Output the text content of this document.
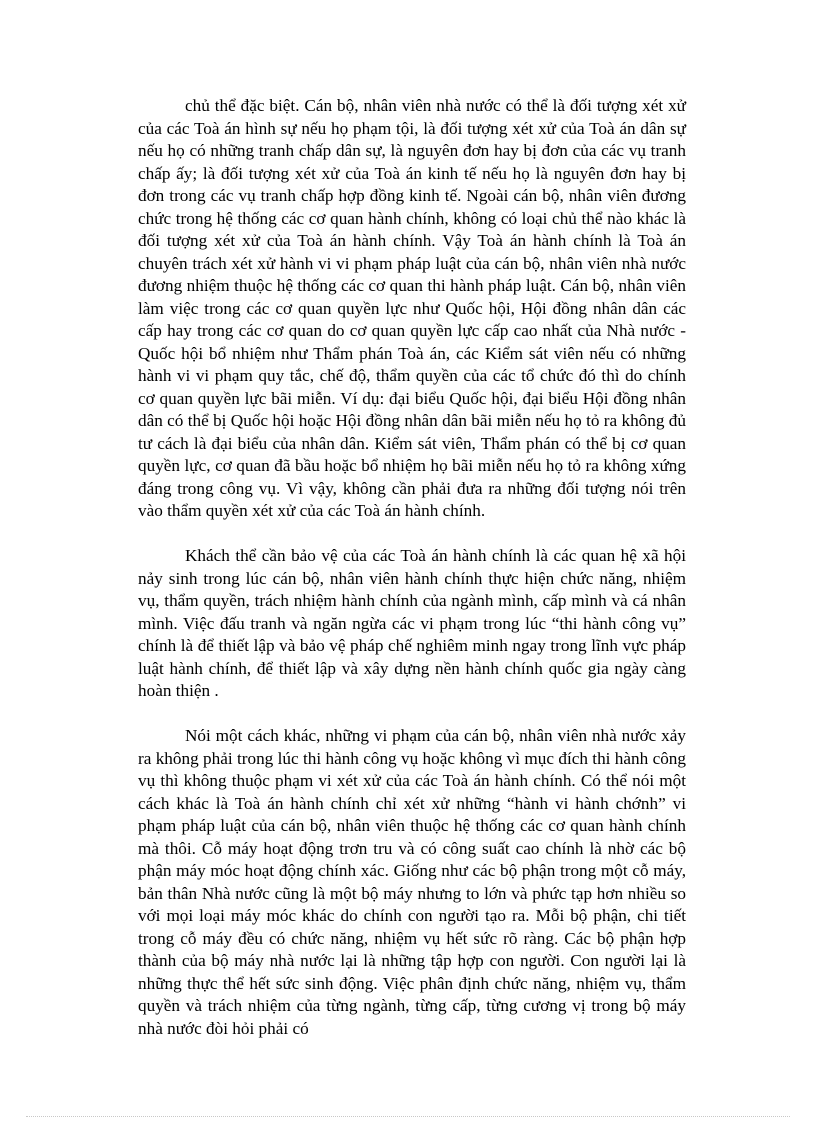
chủ thể đặc biệt. Cán bộ, nhân viên nhà nước có thể là đối tượng xét xử của các Toà án hình sự nếu họ phạm tội, là đối tượng xét xử của Toà án dân sự nếu họ có những tranh chấp dân sự, là nguyên đơn hay bị đơn của các vụ tranh chấp ấy; là đối tượng xét xử của Toà án kinh tế nếu họ là nguyên đơn hay bị đơn trong các vụ tranh chấp hợp đồng kinh tế. Ngoài cán bộ, nhân viên đương chức trong hệ thống các cơ quan hành chính, không có loại chủ thể nào khác là đối tượng xét xử của Toà án hành chính. Vậy Toà án hành chính là Toà án chuyên trách xét xử hành vi vi phạm pháp luật của cán bộ, nhân viên nhà nước đương nhiệm thuộc hệ thống các cơ quan thi hành pháp luật. Cán bộ, nhân viên làm việc trong các cơ quan quyền lực như Quốc hội, Hội đồng nhân dân các cấp hay trong các cơ quan do cơ quan quyền lực cấp cao nhất của Nhà nước - Quốc hội bổ nhiệm như Thẩm phán Toà án, các Kiểm sát viên nếu có những hành vi vi phạm quy tắc, chế độ, thẩm quyền của các tổ chức đó thì do chính cơ quan quyền lực bãi miễn. Ví dụ: đại biểu Quốc hội, đại biểu Hội đồng nhân dân có thể bị Quốc hội hoặc Hội đồng nhân dân bãi miễn nếu họ tỏ ra không đủ tư cách là đại biểu của nhân dân. Kiểm sát viên, Thẩm phán có thể bị cơ quan quyền lực, cơ quan đã bầu hoặc bổ nhiệm họ bãi miễn nếu họ tỏ ra không xứng đáng trong công vụ. Vì vậy, không cần phải đưa ra những đối tượng nói trên vào thẩm quyền xét xử của các Toà án hành chính.

Khách thể cần bảo vệ của các Toà án hành chính là các quan hệ xã hội nảy sinh trong lúc cán bộ, nhân viên hành chính thực hiện chức năng, nhiệm vụ, thẩm quyền, trách nhiệm hành chính của ngành mình, cấp mình và cá nhân mình. Việc đấu tranh và ngăn ngừa các vi phạm trong lúc “thi hành công vụ” chính là để thiết lập và bảo vệ pháp chế nghiêm minh ngay trong lĩnh vực pháp luật hành chính, để thiết lập và xây dựng nền hành chính quốc gia ngày càng hoàn thiện .

Nói một cách khác, những vi phạm của cán bộ, nhân viên nhà nước xảy ra không phải trong lúc thi hành công vụ hoặc không vì mục đích thi hành công vụ thì không thuộc phạm vi xét xử của các Toà án hành chính. Có thể nói một cách khác là Toà án hành chính chỉ xét xử những “hành vi hành chớnh” vi phạm pháp luật của cán bộ, nhân viên thuộc hệ thống các cơ quan hành chính mà thôi. Cỗ máy hoạt động trơn tru và có công suất cao chính là nhờ các bộ phận máy móc hoạt động chính xác. Giống như các bộ phận trong một cỗ máy, bản thân Nhà nước cũng là một bộ máy nhưng to lớn và phức tạp hơn nhiều so với mọi loại máy móc khác do chính con người tạo ra. Mỗi bộ phận, chi tiết trong cỗ máy đều có chức năng, nhiệm vụ hết sức rõ ràng. Các bộ phận hợp thành của bộ máy nhà nước lại là những tập hợp con người. Con người lại là những thực thể hết sức sinh động. Việc phân định chức năng, nhiệm vụ, thẩm quyền và trách nhiệm của từng ngành, từng cấp, từng cương vị trong bộ máy nhà nước đòi hỏi phải có
